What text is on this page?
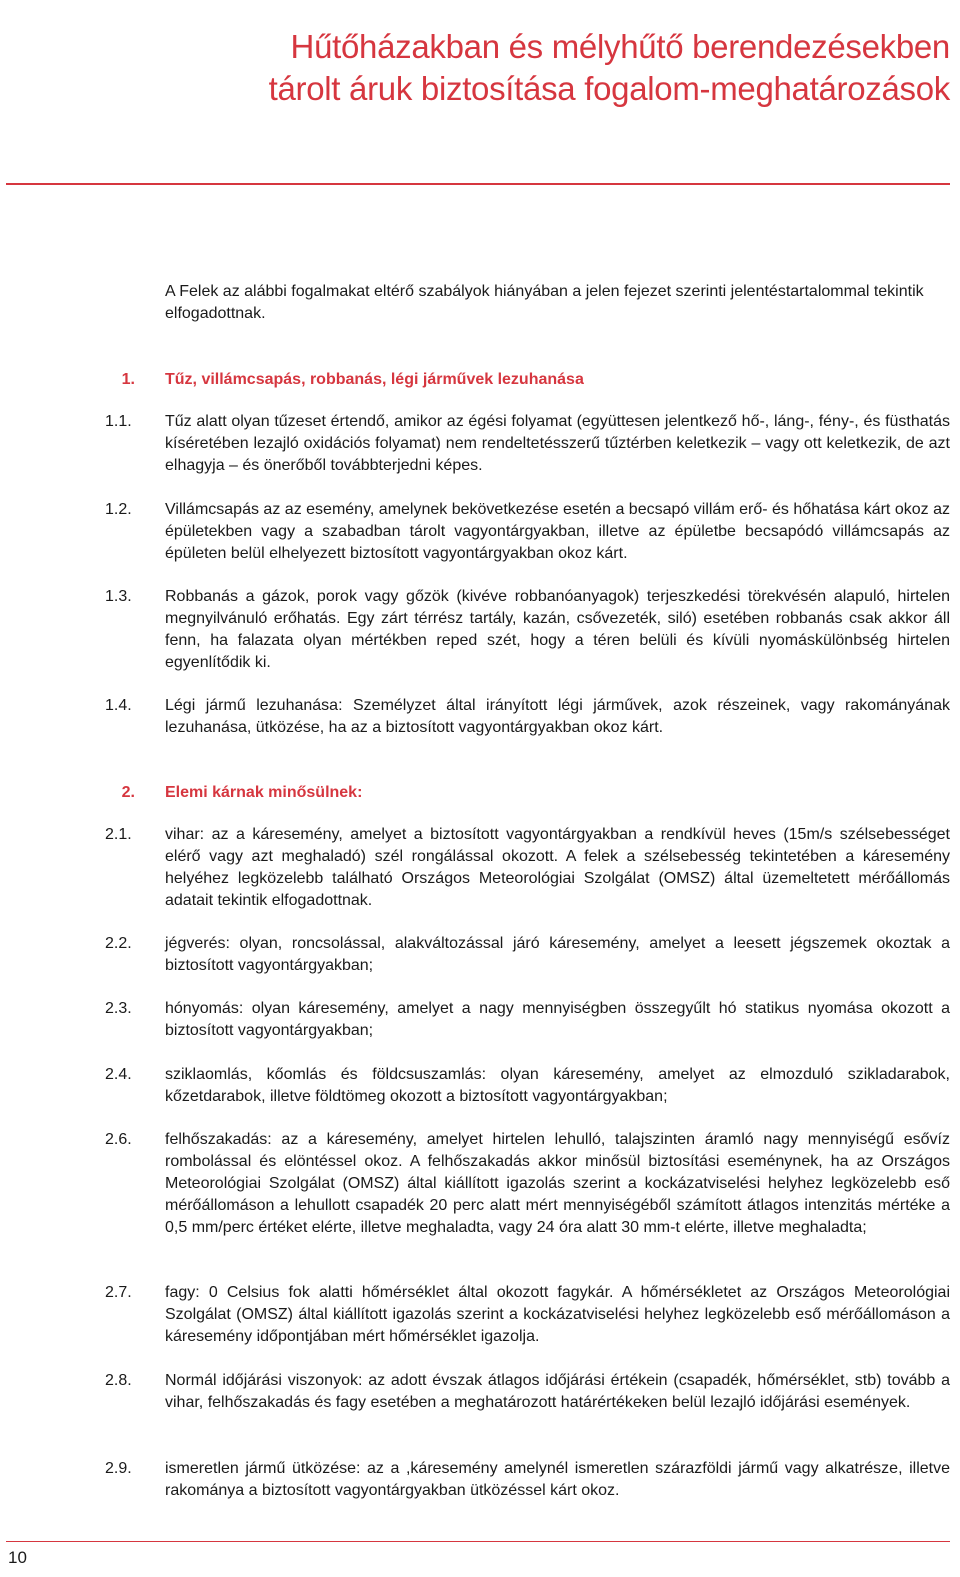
Hűtőházakban és mélyhűtő berendezésekben
tárolt áruk biztosítása fogalom-meghatározások
A Felek az alábbi fogalmakat eltérő szabályok hiányában a jelen fejezet szerinti jelentéstartalommal tekintik elfogadottnak.
1. Tűz, villámcsapás, robbanás, légi járművek lezuhanása
1.1.	Tűz alatt olyan tűzeset értendő, amikor az égési folyamat (együttesen jelentkező hő-, láng-, fény-, és füsthatás kíséretében lezajló oxidációs folyamat) nem rendeltetésszerű tűztérben keletkezik – vagy ott keletkezik, de azt elhagyja – és önerőből továbbterjedni képes.
1.2.	Villámcsapás az az esemény, amelynek bekövetkezése esetén a becsapó villám erő- és hőhatása kárt okoz az épületekben vagy a szabadban tárolt vagyontárgyakban, illetve az épületbe becsapódó villámcsapás az épületen belül elhelyezett biztosított vagyontárgyakban okoz kárt.
1.3.	Robbanás a gázok, porok vagy gőzök (kivéve robbanóanyagok) terjeszkedési törekvésén alapuló, hirtelen megnyilvánuló erőhatás. Egy zárt térrész tartály, kazán, csővezeték, siló) esetében robbanás csak akkor áll fenn, ha falazata olyan mértékben reped szét, hogy a téren belüli és kívüli nyomáskülönbség hirtelen egyenlítődik ki.
1.4.	Légi jármű lezuhanása: Személyzet által irányított légi járművek, azok részeinek, vagy rakományának lezuhanása, ütközése, ha az a biztosított vagyontárgyakban okoz kárt.
2. Elemi kárnak minősülnek:
2.1.	vihar: az a káresemény, amelyet a biztosított vagyontárgyakban a rendkívül heves (15m/s szélsebességet elérő vagy azt meghaladó) szél rongálással okozott. A felek a szélsebesség tekintetében a káresemény helyéhez legközelebb található Országos Meteorológiai Szolgálat (OMSZ) által üzemeltetett mérőállomás adatait tekintik elfogadottnak.
2.2.	jégverés: olyan, roncsolással, alakváltozással járó káresemény, amelyet a leesett jégszemek okoztak a biztosított vagyontárgyakban;
2.3.	hónyomás: olyan káresemény, amelyet a nagy mennyiségben összegyűlt hó statikus nyomása okozott a biztosított vagyontárgyakban;
2.4.	sziklaomlás, kőomlás és földcsuszamlás: olyan káresemény, amelyet az elmozduló szikladarabok, kőzetdarabok, illetve földtömeg okozott a biztosított vagyontárgyakban;
2.6.	felhőszakadás: az a káresemény, amelyet hirtelen lehulló, talajszinten áramló nagy mennyiségű esővíz rombolással és elöntéssel okoz. A felhőszakadás akkor minősül biztosítási eseménynek, ha az Országos Meteorológiai Szolgálat (OMSZ) által kiállított igazolás szerint a kockázatviselési helyhez legközelebb eső mérőállomáson a lehullott csapadék 20 perc alatt mért mennyiségéből számított átlagos intenzitás mértéke a 0,5 mm/perc értéket elérte, illetve meghaladta, vagy 24 óra alatt 30 mm-t elérte, illetve meghaladta;
2.7.	fagy: 0 Celsius fok alatti hőmérséklet által okozott fagykár. A hőmérsékletet az Országos Meteorológiai Szolgálat (OMSZ) által kiállított igazolás szerint a kockázatviselési helyhez legközelebb eső mérőállomáson a káresemény időpontjában mért hőmérséklet igazolja.
2.8.	Normál időjárási viszonyok: az adott évszak átlagos időjárási értékein (csapadék, hőmérséklet, stb) tovább a vihar, felhőszakadás és fagy esetében a meghatározott határértékeken belül lezajló időjárási események.
2.9.	ismeretlen jármű ütközése: az a ,káresemény amelynél ismeretlen szárazföldi jármű vagy alkatrésze, illetve rakománya a biztosított vagyontárgyakban ütközéssel kárt okoz.
10
